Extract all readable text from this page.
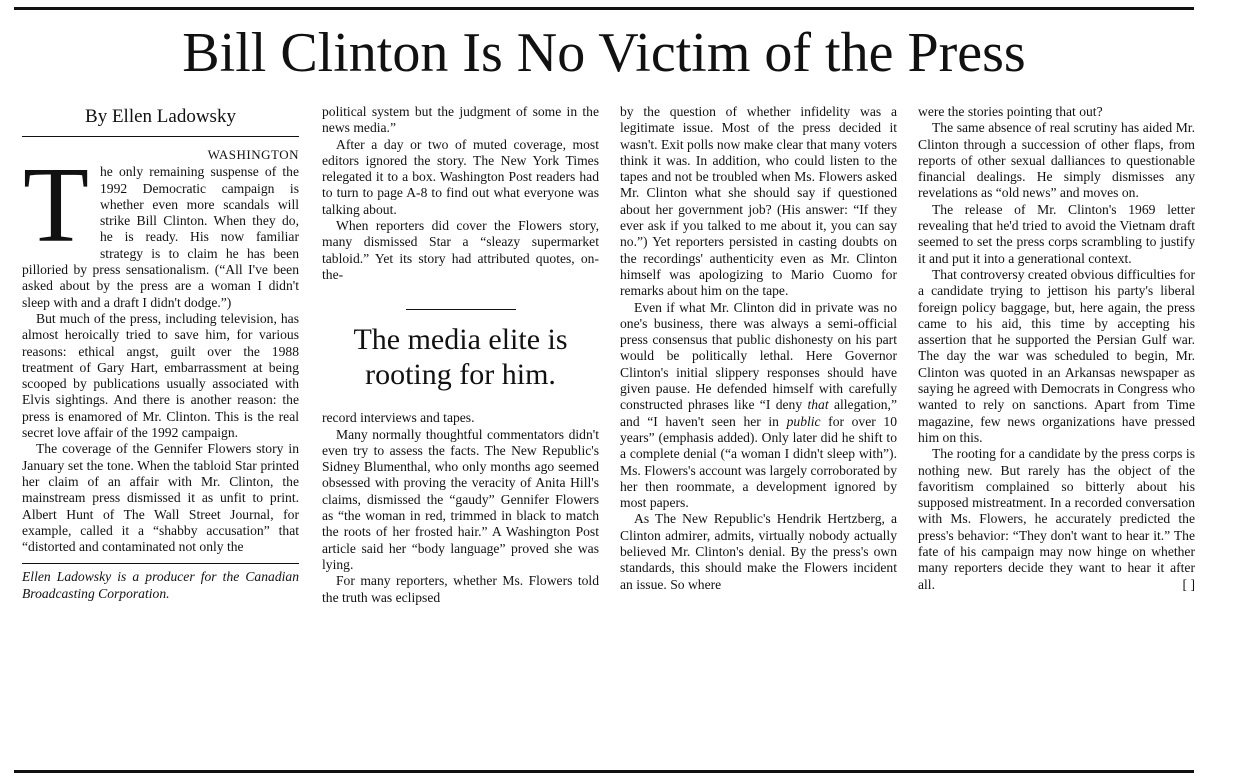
Bill Clinton Is No Victim of the Press
By Ellen Ladowsky
WASHINGTON

The only remaining suspense of the 1992 Democratic campaign is whether even more scandals will strike Bill Clinton. When they do, he is ready. His now familiar strategy is to claim he has been pilloried by press sensationalism. (“All I've been asked about by the press are a woman I didn't sleep with and a draft I didn't dodge.”)

But much of the press, including television, has almost heroically tried to save him, for various reasons: ethical angst, guilt over the 1988 treatment of Gary Hart, embarrassment at being scooped by publications usually associated with Elvis sightings. And there is another reason: the press is enamored of Mr. Clinton. This is the real secret love affair of the 1992 campaign.

The coverage of the Gennifer Flowers story in January set the tone. When the tabloid Star printed her claim of an affair with Mr. Clinton, the mainstream press dismissed it as unfit to print. Albert Hunt of The Wall Street Journal, for example, called it a “shabby accusation” that “distorted and contaminated not only the

Ellen Ladowsky is a producer for the Canadian Broadcasting Corporation.

political system but the judgment of some in the news media.”

After a day or two of muted coverage, most editors ignored the story. The New York Times relegated it to a box. Washington Post readers had to turn to page A-8 to find out what everyone was talking about.

When reporters did cover the Flowers story, many dismissed Star a “sleazy supermarket tabloid.” Yet its story had attributed quotes, on-the-

The media elite is rooting for him.

record interviews and tapes.

Many normally thoughtful commentators didn't even try to assess the facts. The New Republic's Sidney Blumenthal, who only months ago seemed obsessed with proving the veracity of Anita Hill's claims, dismissed the “gaudy” Gennifer Flowers as “the woman in red, trimmed in black to match the roots of her frosted hair.” A Washington Post article said her “body language” proved she was lying.

For many reporters, whether Ms. Flowers told the truth was eclipsed

by the question of whether infidelity was a legitimate issue. Most of the press decided it wasn't. Exit polls now make clear that many voters think it was. In addition, who could listen to the tapes and not be troubled when Ms. Flowers asked Mr. Clinton what she should say if questioned about her government job? (His answer: “If they ever ask if you talked to me about it, you can say no.”) Yet reporters persisted in casting doubts on the recordings' authenticity even as Mr. Clinton himself was apologizing to Mario Cuomo for remarks about him on the tape.

Even if what Mr. Clinton did in private was no one's business, there was always a semi-official press consensus that public dishonesty on his part would be politically lethal. Here Governor Clinton's initial slippery responses should have given pause. He defended himself with carefully constructed phrases like “I deny that allegation,” and “I haven't seen her in public for over 10 years” (emphasis added). Only later did he shift to a complete denial (“a woman I didn't sleep with”). Ms. Flowers's account was largely corroborated by her then roommate, a development ignored by most papers.

As The New Republic's Hendrik Hertzberg, a Clinton admirer, admits, virtually nobody actually believed Mr. Clinton's denial. By the press's own standards, this should make the Flowers incident an issue. So where

were the stories pointing that out?

The same absence of real scrutiny has aided Mr. Clinton through a succession of other flaps, from reports of other sexual dalliances to questionable financial dealings. He simply dismisses any revelations as “old news” and moves on.

The release of Mr. Clinton's 1969 letter revealing that he'd tried to avoid the Vietnam draft seemed to set the press corps scrambling to justify it and put it into a generational context.

That controversy created obvious difficulties for a candidate trying to jettison his party's liberal foreign policy baggage, but, here again, the press came to his aid, this time by accepting his assertion that he supported the Persian Gulf war. The day the war was scheduled to begin, Mr. Clinton was quoted in an Arkansas newspaper as saying he agreed with Democrats in Congress who wanted to rely on sanctions. Apart from Time magazine, few news organizations have pressed him on this.

The rooting for a candidate by the press corps is nothing new. But rarely has the object of the favoritism complained so bitterly about his supposed mistreatment. In a recorded conversation with Ms. Flowers, he accurately predicted the press's behavior: “They don't want to hear it.” The fate of his campaign may now hinge on whether many reporters decide they want to hear it after all.	[ ]
